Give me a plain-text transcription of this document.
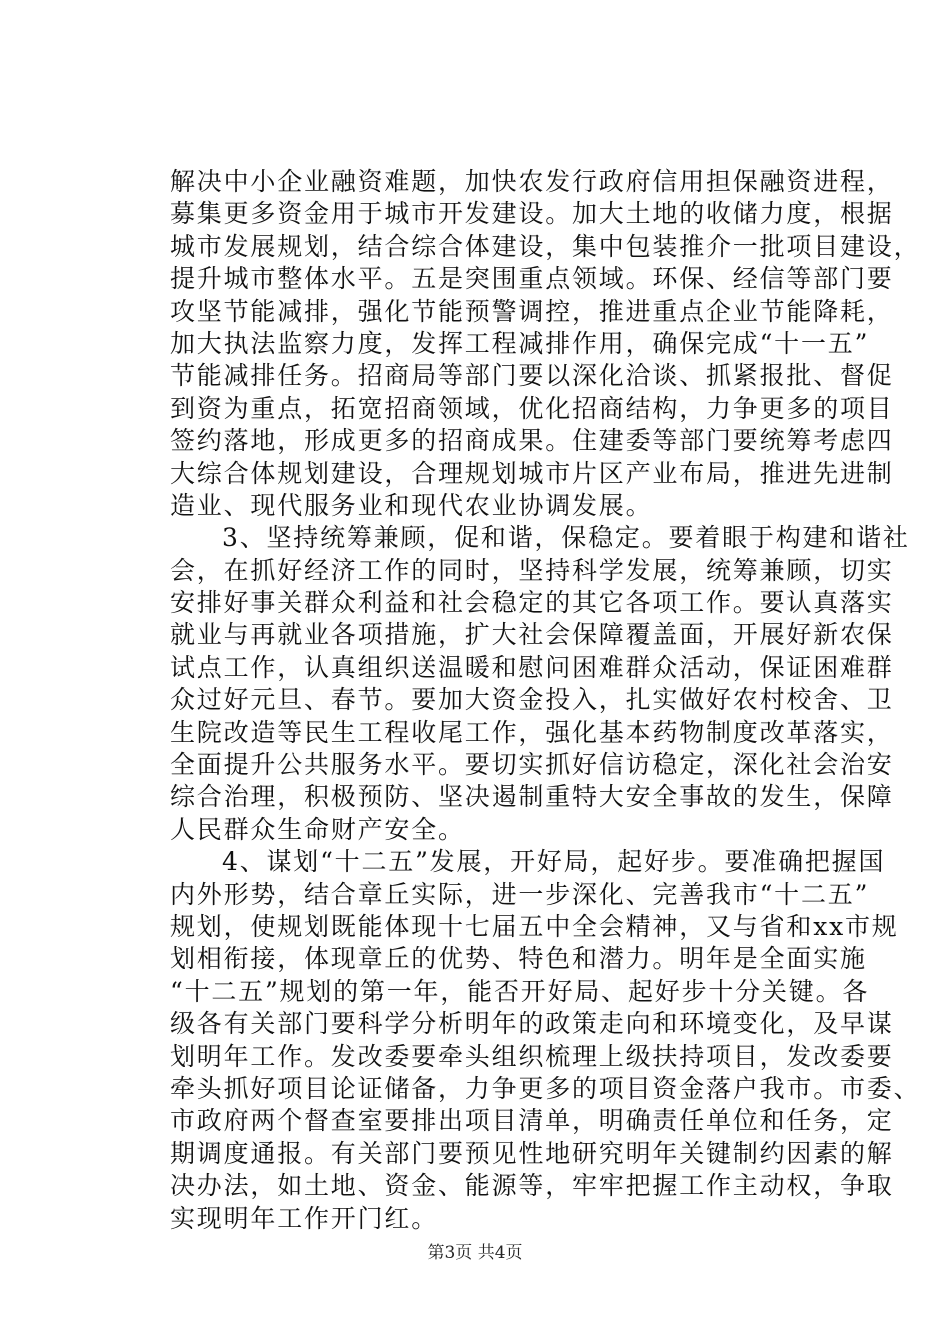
解决中小企业融资难题，加快农发行政府信用担保融资进程，
募集更多资金用于城市开发建设。加大土地的收储力度，根据
城市发展规划，结合综合体建设，集中包装推介一批项目建设，
提升城市整体水平。五是突围重点领域。环保、经信等部门要
攻坚节能减排，强化节能预警调控，推进重点企业节能降耗，
加大执法监察力度，发挥工程减排作用，确保完成“十一五”
节能减排任务。招商局等部门要以深化洽谈、抓紧报批、督促
到资为重点，拓宽招商领域，优化招商结构，力争更多的项目
签约落地，形成更多的招商成果。住建委等部门要统筹考虑四
大综合体规划建设，合理规划城市片区产业布局，推进先进制
造业、现代服务业和现代农业协调发展。
3、坚持统筹兼顾，促和谐，保稳定。要着眼于构建和谐社
会，在抓好经济工作的同时，坚持科学发展，统筹兼顾，切实
安排好事关群众利益和社会稳定的其它各项工作。要认真落实
就业与再就业各项措施，扩大社会保障覆盖面，开展好新农保
试点工作，认真组织送温暖和慰问困难群众活动，保证困难群
众过好元旦、春节。要加大资金投入，扎实做好农村校舍、卫
生院改造等民生工程收尾工作，强化基本药物制度改革落实，
全面提升公共服务水平。要切实抓好信访稳定，深化社会治安
综合治理，积极预防、坚决遏制重特大安全事故的发生，保障
人民群众生命财产安全。
4、谋划“十二五”发展，开好局，起好步。要准确把握国
内外形势，结合章丘实际，进一步深化、完善我市“十二五”
规划，使规划既能体现十七届五中全会精神，又与省和xx市规
划相衔接，体现章丘的优势、特色和潜力。明年是全面实施
“十二五”规划的第一年，能否开好局、起好步十分关键。各
级各有关部门要科学分析明年的政策走向和环境变化，及早谋
划明年工作。发改委要牵头组织梳理上级扶持项目，发改委要
牵头抓好项目论证储备，力争更多的项目资金落户我市。市委、
市政府两个督查室要排出项目清单，明确责任单位和任务，定
期调度通报。有关部门要预见性地研究明年关键制约因素的解
决办法，如土地、资金、能源等，牢牢把握工作主动权，争取
实现明年工作开门红。
第3页 共4页
